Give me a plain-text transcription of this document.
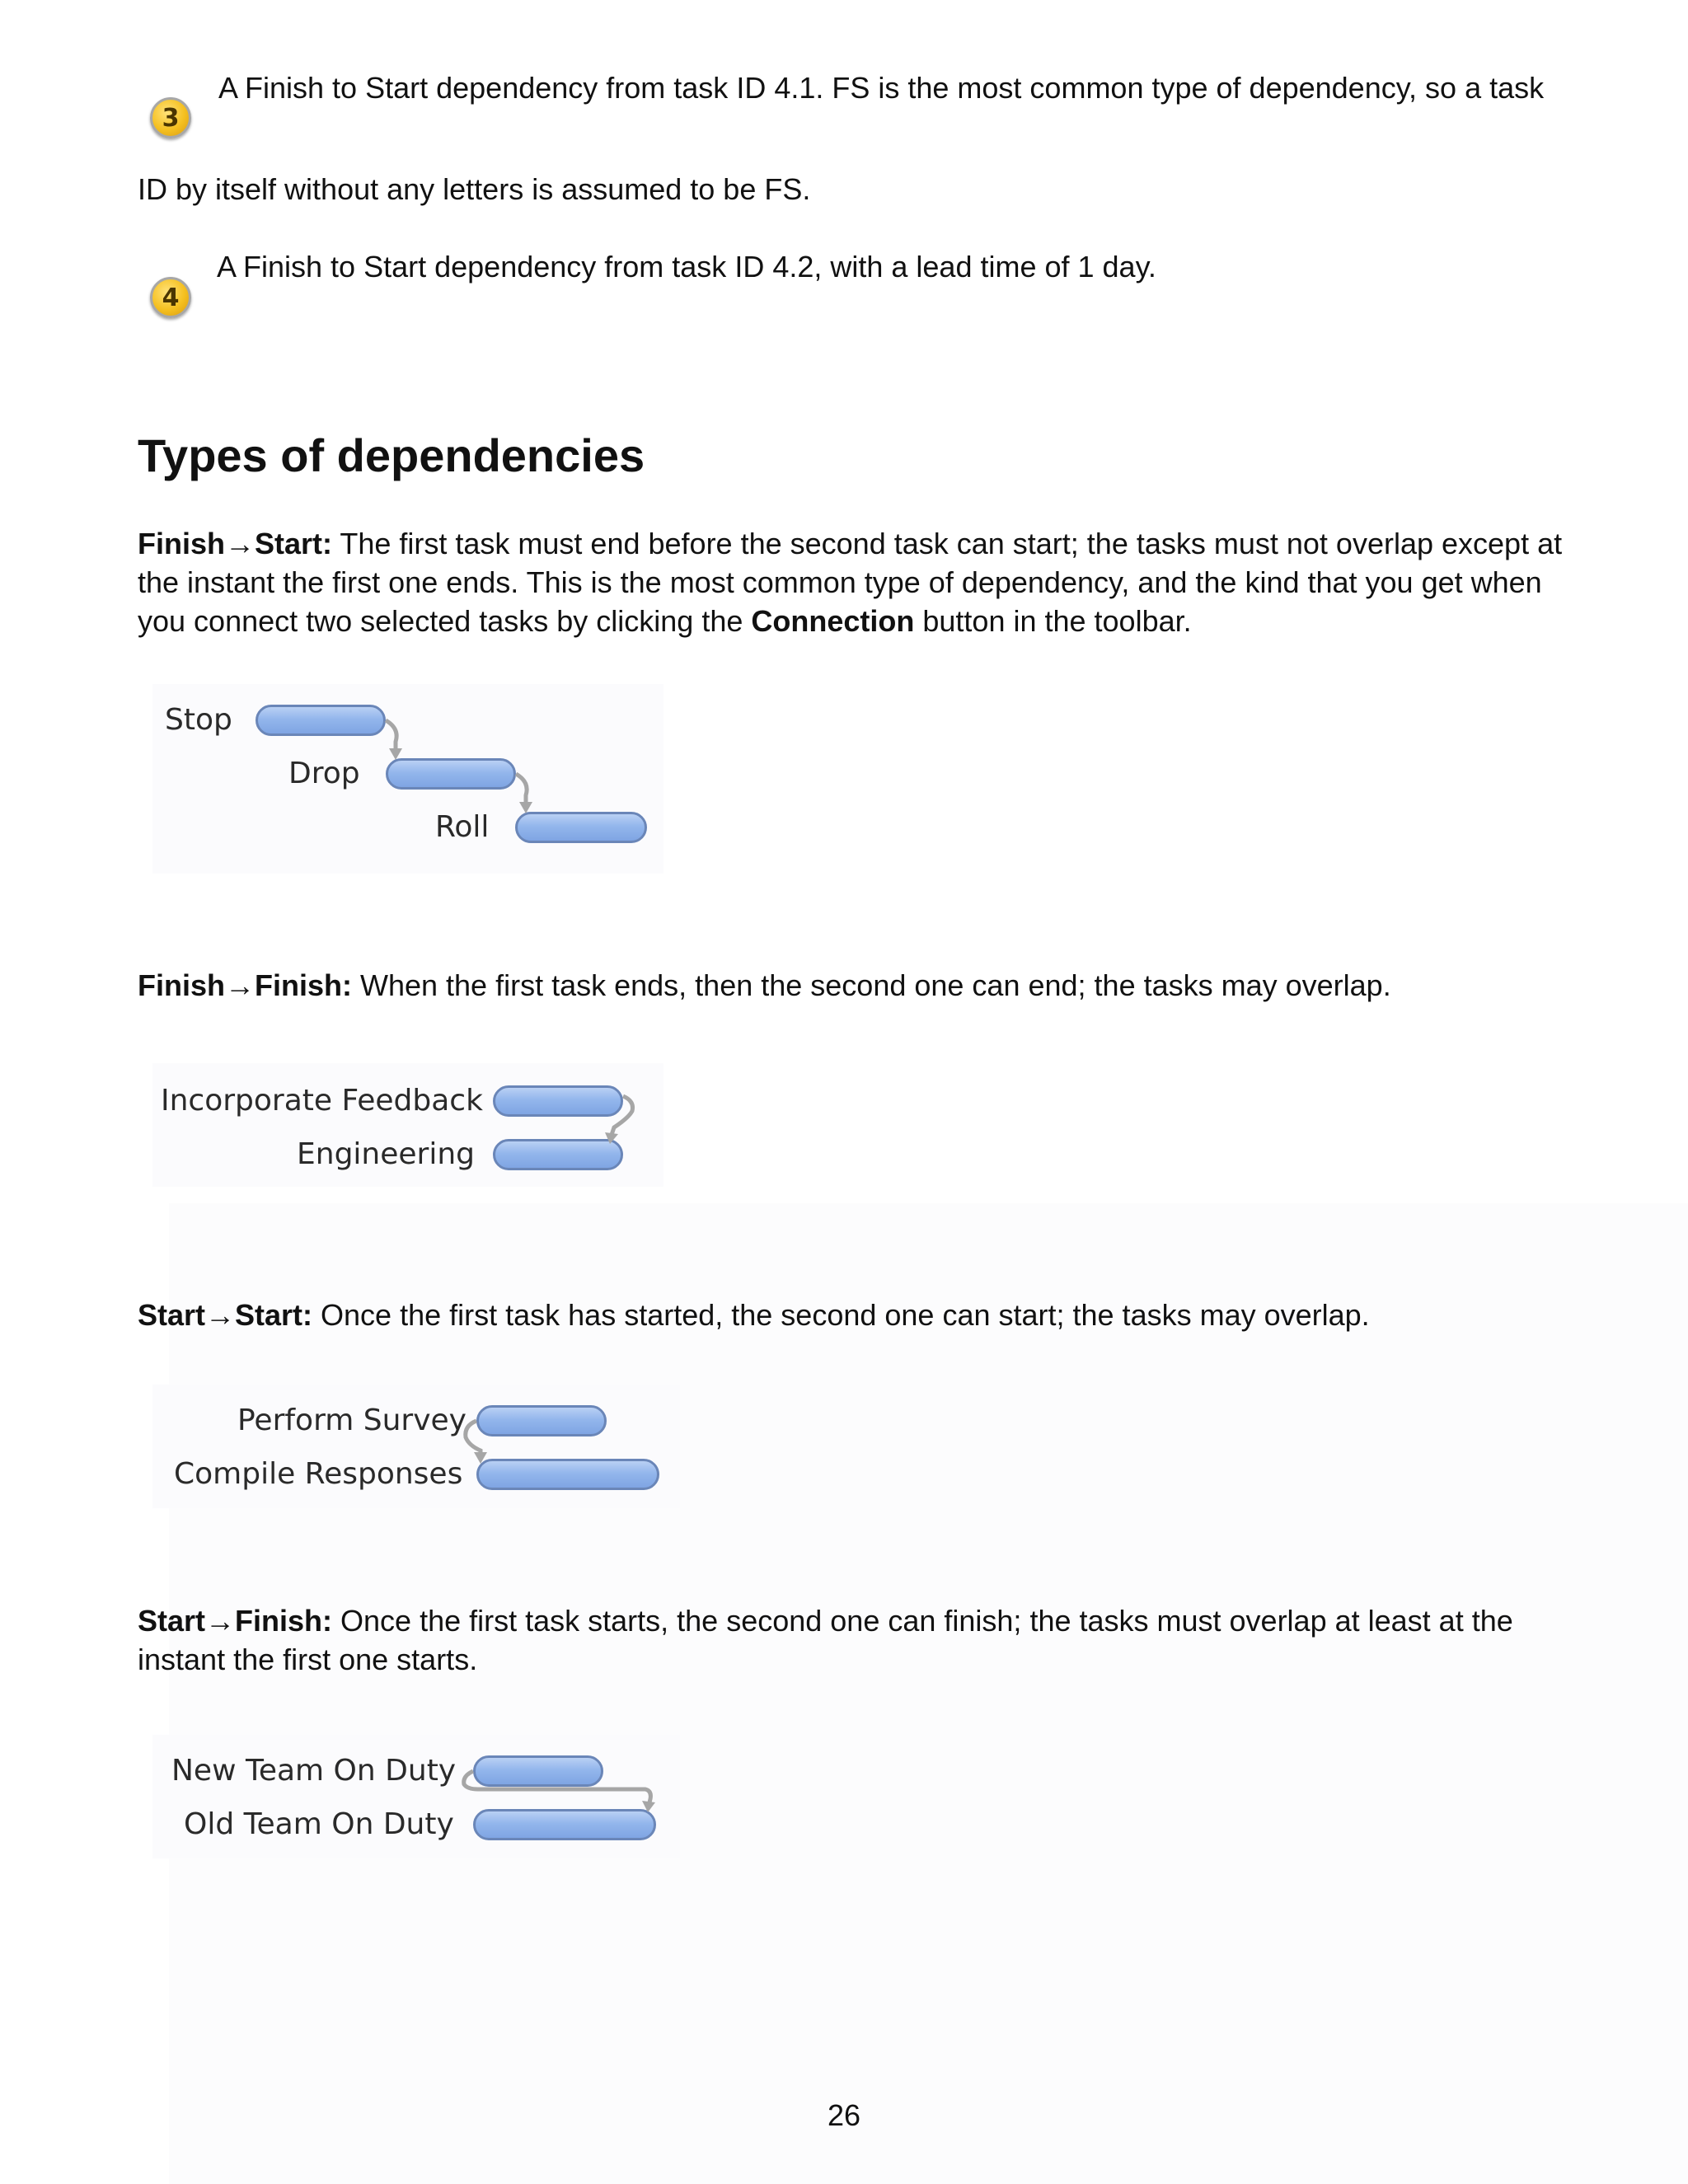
3
A Finish to Start dependency from task ID 4.1. FS is the most common type of dependency, so a task
ID by itself without any letters is assumed to be FS.
4
A Finish to Start dependency from task ID 4.2, with a lead time of 1 day.
Types of dependencies
Finish→Start: The first task must end before the second task can start; the tasks must not overlap except at the instant the first one ends. This is the most common type of dependency, and the kind that you get when you connect two selected tasks by clicking the Connection button in the toolbar.
Stop
Drop
Roll
Finish→Finish: When the first task ends, then the second one can end; the tasks may overlap.
Incorporate Feedback
Engineering
Start→Start: Once the first task has started, the second one can start; the tasks may overlap.
Perform Survey
Compile Responses
Start→Finish: Once the first task starts, the second one can finish; the tasks must overlap at least at the instant the first one starts.
New Team On Duty
Old Team On Duty
26
